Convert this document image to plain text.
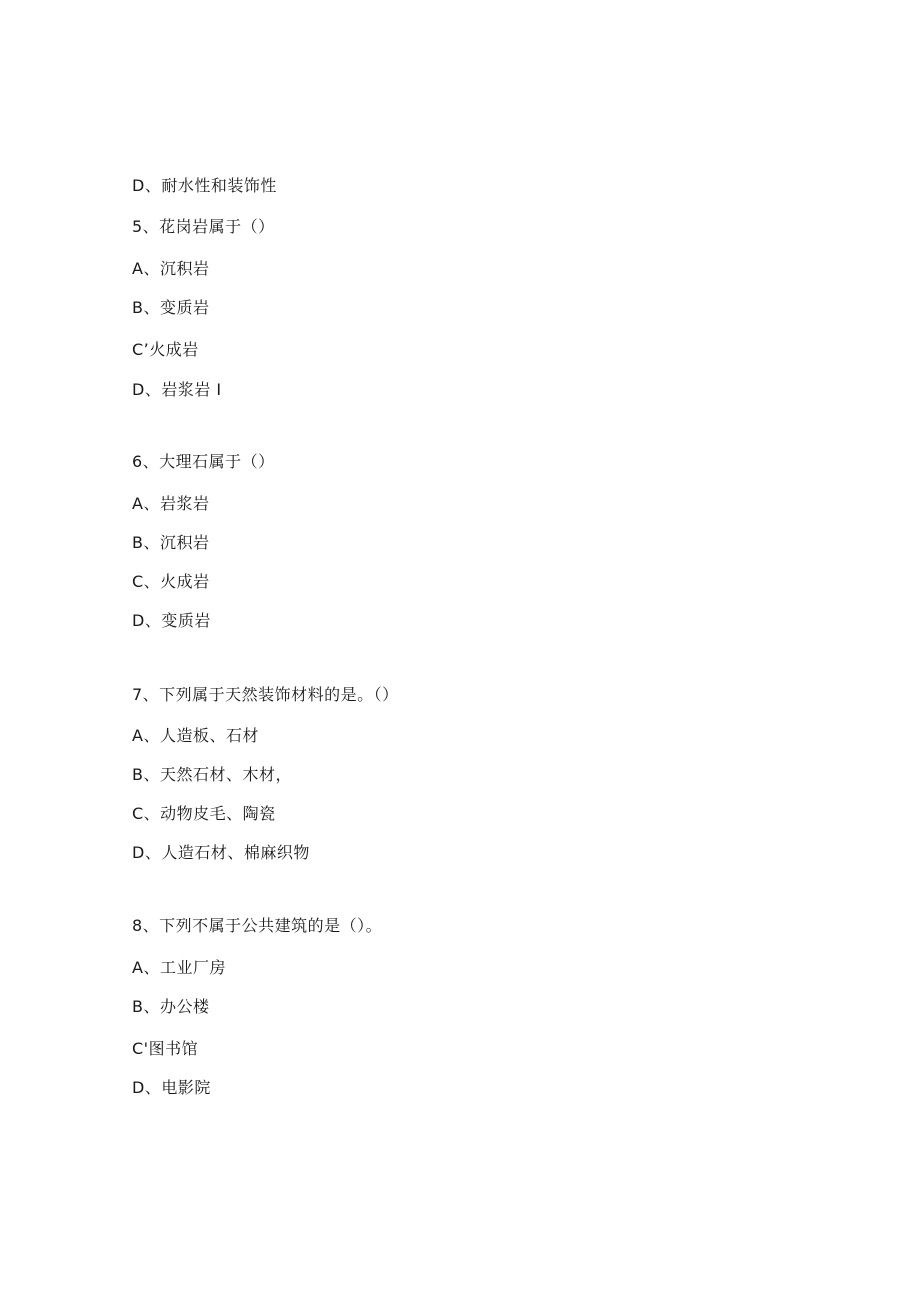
D、耐水性和装饰性
5、花岗岩属于（）
A、沉积岩
B、变质岩
C’火成岩
D、岩浆岩 I
6、大理石属于（）
A、岩浆岩
B、沉积岩
C、火成岩
D、变质岩
7、下列属于天然装饰材料的是。（）
A、人造板、石材
B、天然石材、木材，
C、动物皮毛、陶瓷
D、人造石材、棉麻织物
8、下列不属于公共建筑的是（）。
A、工业厂房
B、办公楼
C'图书馆
D、电影院
